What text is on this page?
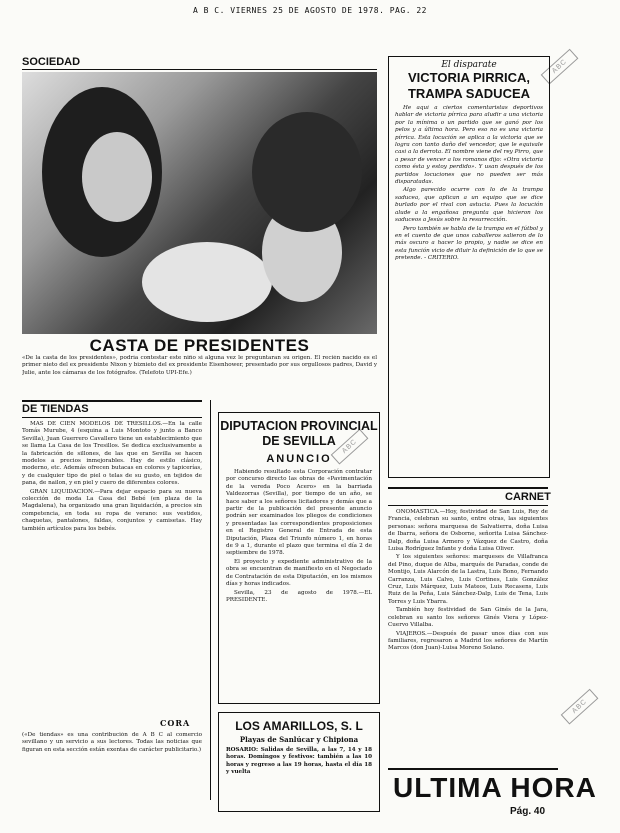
A B C. VIERNES 25 DE AGOSTO DE 1978. PAG. 22
ABC
ABC
ABC
SOCIEDAD
CASTA DE PRESIDENTES
«De la casta de los presidentes», podría contestar este niño si alguna vez le preguntaran su origen. El recién nacido es el primer nieto del ex presidente Nixon y biznieto del ex presidente Eisenhower, presentado por sus orgullosos padres, David y Julie, ante los cámaras de los fotógrafos. (Telefoto UPI-Efe.)
El disparate
VICTORIA PIRRICA,
TRAMPA SADUCEA

He aquí a ciertos comentaristas deportivos hablar de victoria pírrica para aludir a una victoria por la mínima o un partido que se ganó por los pelos y a última hora. Pero eso no es una victoria pírrica. Esta locución se aplica a la victoria que se logra con tanto daño del vencedor, que le equivale casi a la derrota. El nombre viene del rey Pirro, que a pesar de vencer a los romanos dijo: «Otra victoria como ésta y estoy perdido». Y usan después de los partidos locuciones que no pueden ser más disparatadas.

Algo parecido ocurre con lo de la trampa saducea, que aplican a un equipo que se dice burlado por el rival con astucia. Pues la locución alude a la engañosa pregunta que hicieron los saduceos a Jesús sobre la resurrección.

Pero también se habla de la trampa en el fútbol y en el cuento de que unos caballeros salieron de lo más oscuro a hacer lo propio, y nadie se dice en esta función vicio de diluir la definición de lo que se pretende. - CRITERIO.

DE TIENDAS

MAS DE CIEN MODELOS DE TRESILLOS.—En la calle Tomás Murube, 4 (esquina a Luis Montoto y junto a Banco Sevilla), Juan Guerrero Cavallero tiene un establecimiento que se llama La Casa de los Tresillos. Se dedica exclusivamente a la fabricación de sillones, de las que en Sevilla se hacen modelos a precios inmejorables. Hay de estilo clásico, moderno, etc. Además ofrecen butacas en colores y tapicerías, y de cualquier tipo de piel o telas de su gusto, en tejidos de pana, de nailon, y en piel y cuero de diferentes colores.

GRAN LIQUIDACION.—Para dejar espacio para su nueva colección de moda La Casa del Bebé (en plaza de la Magdalena), ha organizado una gran liquidación, a precios sin competencia, en toda su ropa de verano: sus vestidos, chaquetas, pantalones, faldas, conjuntos y camisetas. Hay también artículos para los bebés.

CORA
(«De tiendas» es una contribución de A B C al comercio sevillano y un servicio a sus lectores. Todas las noticias que figuran en esta sección están exentas de carácter publicitario.)
DIPUTACION PROVINCIAL
DE SEVILLA
ANUNCIO

Habiendo resultado esta Corporación contratar por concurso directo las obras de «Pavimentación de la vereda Poco Acero» en la barriada Valdezorras (Sevilla), por tiempo de un año, se hace saber a los señores licitadores y demás que a partir de la publicación del presente anuncio podrán ser examinados los pliegos de condiciones y presentadas las correspondientes proposiciones en el Registro General de Entrada de esta Diputación, Plaza del Triunfo número 1, en horas de 9 a 1, durante el plazo que termina el día 2 de septiembre de 1978.

El proyecto y expediente administrativo de la obra se encuentran de manifiesto en el Negociado de Contratación de esta Diputación, en los mismos días y horas indicados.

Sevilla, 23 de agosto de 1978.—EL PRESIDENTE.

LOS AMARILLOS, S. L
Playas de Sanlúcar y Chipiona
ROSARIO: Salidas de Sevilla, a las 7, 14 y 18 horas. Domingos y festivos: también a las 10 horas y regreso a las 19 horas, hasta el día 18 y vuelta
CARNET

ONOMASTICA.—Hoy, festividad de San Luis, Rey de Francia, celebran su santo, entre otras, las siguientes personas: señora marquesa de Salvatierra, doña Luisa de Ibarra, señora de Osborne, señorita Luisa Sánchez-Dalp, doña Luisa Armero y Vázquez de Castro, doña Luisa Rodríguez Infante y doña Luisa Oliver.

Y los siguientes señores: marqueses de Villafranca del Pino, duque de Alba, marqués de Paradas, conde de Montijo, Luis Alarcón de la Lastra, Luis Bono, Fernando Carranza, Luis Calvo, Luis Cortines, Luis González Cruz, Luis Márquez, Luis Mateos, Luis Recasens, Luis Ruiz de la Peña, Luis Sánchez-Dalp, Luis de Tena, Luis Torres y Luis Ybarra.

También hoy festividad de San Ginés de la Jara, celebran su santo los señores Ginés Viera y López-Cuervo Villalba.

VIAJEROS.—Después de pasar unos días con sus familiares, regresaron a Madrid los señores de Martín Marcos (don Juan)-Luisa Moreno Solano.

ULTIMA HORA
Pág. 40
